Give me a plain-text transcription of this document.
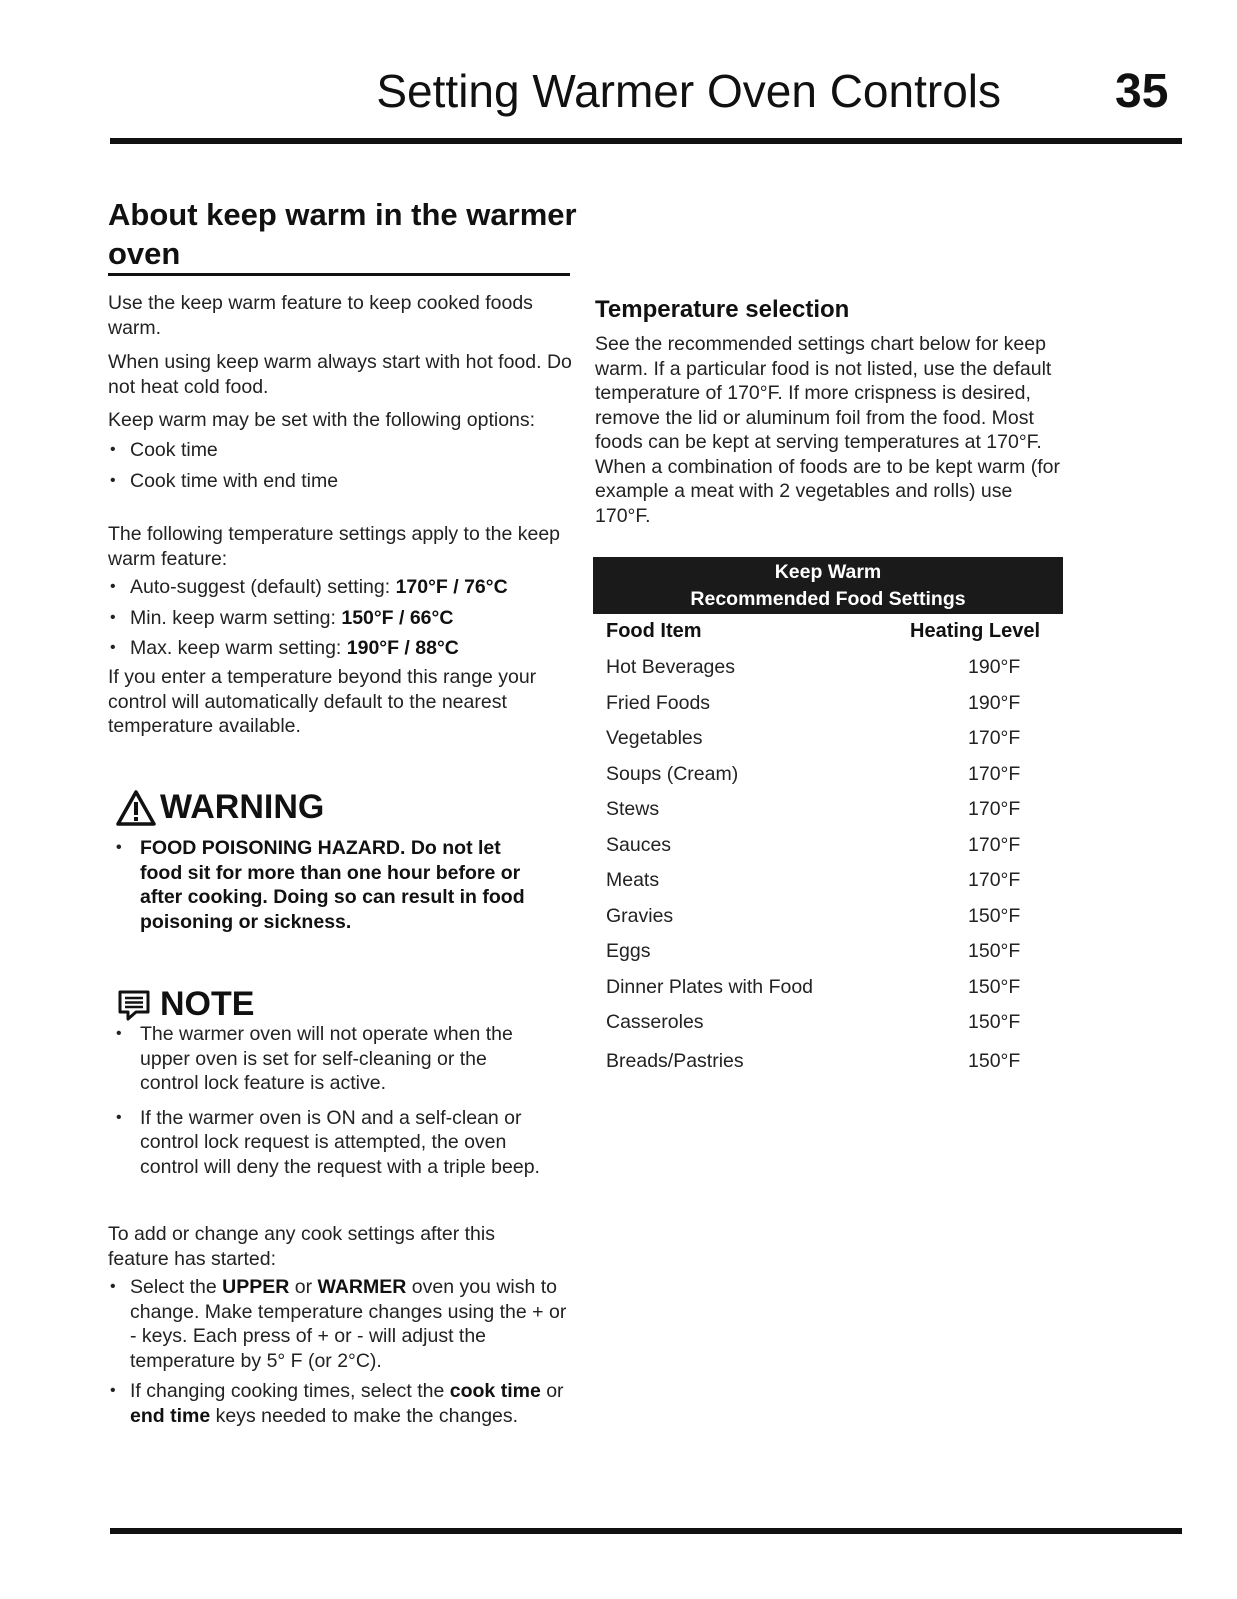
Setting Warmer Oven Controls 35
About keep warm in the warmer oven
Use the keep warm feature to keep cooked foods warm.
When using keep warm always start with hot food. Do not heat cold food.
Keep warm may be set with the following options:
• Cook time
• Cook time with end time
The following temperature settings apply to the keep warm feature:
• Auto-suggest (default) setting: 170°F / 76°C
• Min. keep warm setting: 150°F / 66°C
• Max. keep warm setting: 190°F / 88°C
If you enter a temperature beyond this range your control will automatically default to the nearest temperature available.
WARNING
• FOOD POISONING HAZARD. Do not let food sit for more than one hour before or after cooking. Doing so can result in food poisoning or sickness.
NOTE
• The warmer oven will not operate when the upper oven is set for self-cleaning or the control lock feature is active.
• If the warmer oven is ON and a self-clean or control lock request is attempted, the oven control will deny the request with a triple beep.
To add or change any cook settings after this feature has started:
• Select the UPPER or WARMER oven you wish to change. Make temperature changes using the + or - keys. Each press of + or - will adjust the temperature by 5° F (or 2°C).
• If changing cooking times, select the cook time or end time keys needed to make the changes.
Temperature selection
See the recommended settings chart below for keep warm. If a particular food is not listed, use the default temperature of 170°F. If more crispness is desired, remove the lid or aluminum foil from the food. Most foods can be kept at serving temperatures at 170°F. When a combination of foods are to be kept warm (for example a meat with 2 vegetables and rolls) use 170°F.
Keep Warm
Recommended Food Settings
Food Item	Heating Level
Hot Beverages	190°F
Fried Foods	190°F
Vegetables	170°F
Soups (Cream)	170°F
Stews	170°F
Sauces	170°F
Meats	170°F
Gravies	150°F
Eggs	150°F
Dinner Plates with Food	150°F
Casseroles	150°F
Breads/Pastries	150°F
